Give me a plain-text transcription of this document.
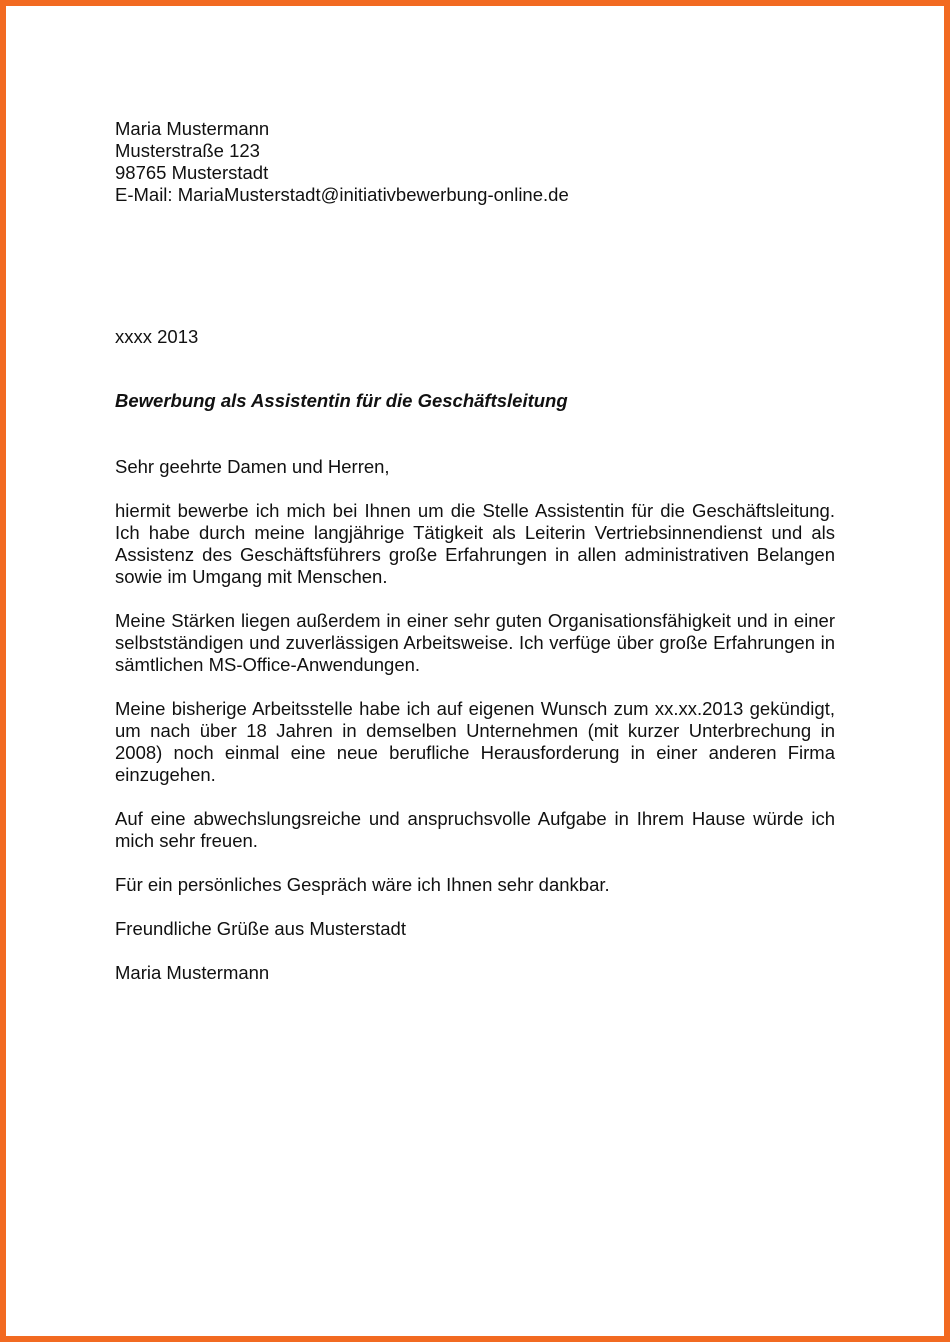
Maria Mustermann
Musterstraße 123
98765 Musterstadt
E-Mail: MariaMusterstadt@initiativbewerbung-online.de
xxxx 2013
Bewerbung als Assistentin für die Geschäftsleitung
Sehr geehrte Damen und Herren,
hiermit bewerbe ich mich bei Ihnen um die Stelle Assistentin für die Geschäftsleitung. Ich habe durch meine langjährige Tätigkeit als Leiterin Vertriebsinnendienst und als Assistenz des Geschäftsführers große Erfahrungen in allen administrativen Belangen sowie im Umgang mit Menschen.
Meine Stärken liegen außerdem in einer sehr guten Organisationsfähigkeit und in einer selbstständigen und zuverlässigen Arbeitsweise. Ich verfüge über große Erfahrungen in sämtlichen MS-Office-Anwendungen.
Meine bisherige Arbeitsstelle habe ich auf eigenen Wunsch zum xx.xx.2013 gekündigt, um nach über 18 Jahren in demselben Unternehmen (mit kurzer Unterbrechung in 2008) noch einmal eine neue berufliche Herausforderung in einer anderen Firma einzugehen.
Auf eine abwechslungsreiche und anspruchsvolle Aufgabe in Ihrem Hause würde ich mich sehr freuen.
Für ein persönliches Gespräch wäre ich Ihnen sehr dankbar.
Freundliche Grüße aus Musterstadt
Maria Mustermann
